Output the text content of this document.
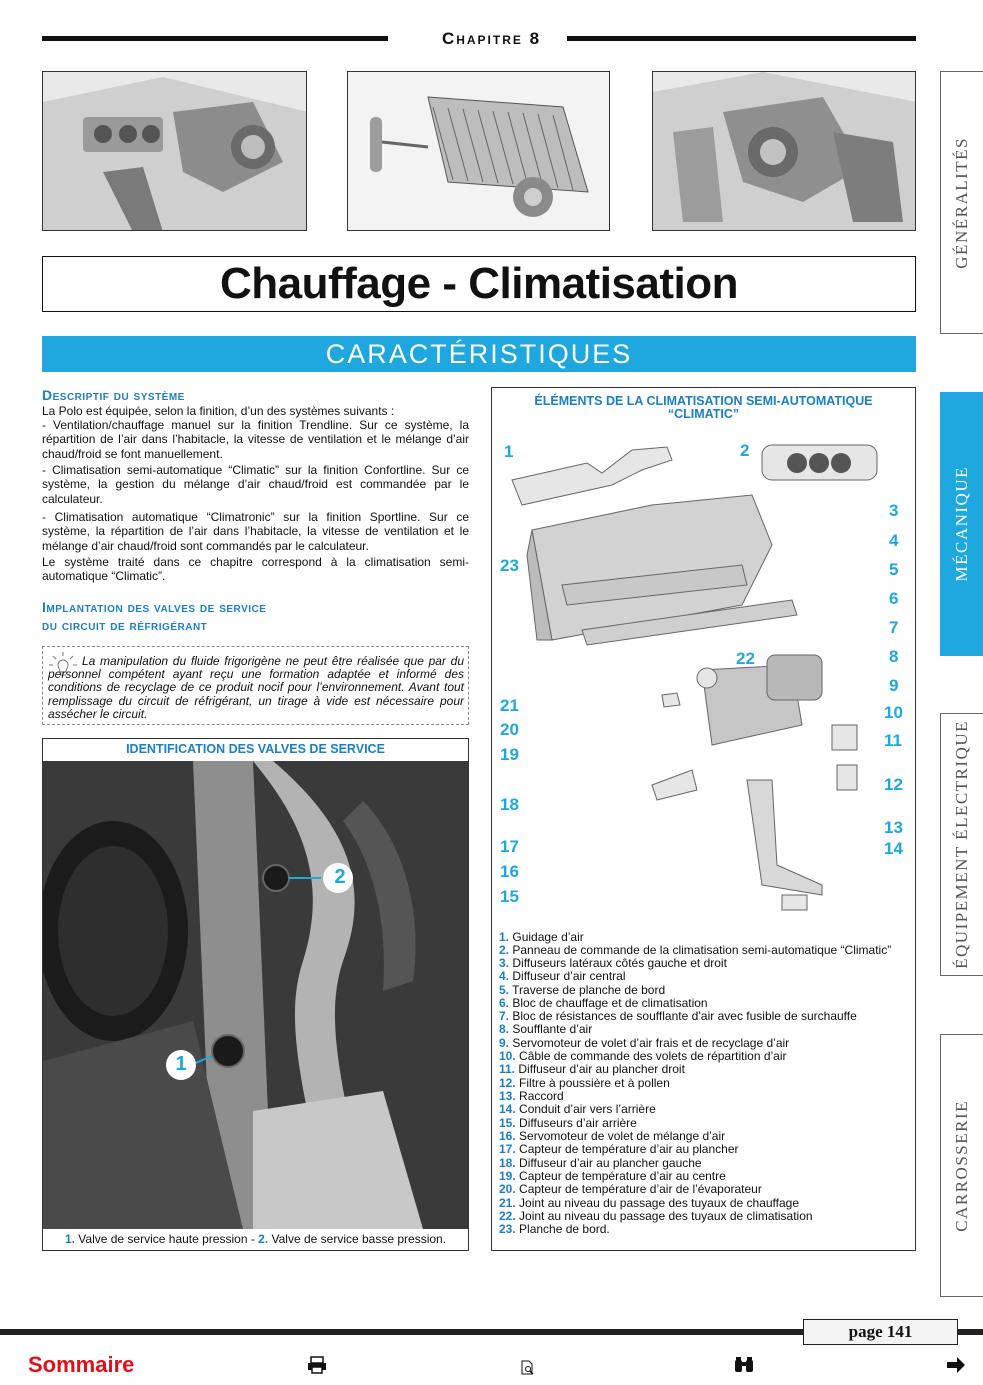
Chapitre 8
Chauffage - Climatisation
CARACTÉRISTIQUES
GÉNÉRALITÉS
MÉCANIQUE
ÉQUIPEMENT ÉLECTRIQUE
CARROSSERIE
Descriptif du système
La Polo est équipée, selon la finition, d’un des systèmes suivants :
- Ventilation/chauffage manuel sur la finition Trendline. Sur ce système, la répartition de l’air dans l’habitacle, la vitesse de ventilation et le mélange d’air chaud/froid se font manuellement.
- Climatisation semi-automatique “Climatic” sur la finition Confortline. Sur ce système, la gestion du mélange d’air chaud/froid est commandée par le calculateur.
- Climatisation automatique “Climatronic” sur la finition Sportline. Sur ce système, la répartition de l’air dans l’habitacle, la vitesse de ventilation et le mélange d’air chaud/froid sont commandés par le calculateur.
Le système traité dans ce chapitre correspond à la climatisation semi-automatique “Climatic”.
Implantation des valves de service
du circuit de réfrigérant
La manipulation du fluide frigorigène ne peut être réalisée que par du personnel compétent ayant reçu une formation adaptée et informé des conditions de recyclage de ce produit nocif pour l’environnement. Avant tout remplissage du circuit de réfrigérant, un tirage à vide est nécessaire pour assécher le circuit.
IDENTIFICATION DES VALVES DE SERVICE
2
1
1. Valve de service haute pression - 2. Valve de service basse pression.
ÉLÉMENTS DE LA CLIMATISATION SEMI-AUTOMATIQUE
“CLIMATIC”
1	2
3
4
5
6
7
8
9
10
11
12
13
14
15
16
17
18
19
20
21
22
23
1. Guidage d’air
2. Panneau de commande de la climatisation semi-automatique “Climatic”
3. Diffuseurs latéraux côtés gauche et droit
4. Diffuseur d’air central
5. Traverse de planche de bord
6. Bloc de chauffage et de climatisation
7. Bloc de résistances de soufflante d’air avec fusible de surchauffe
8. Soufflante d’air
9. Servomoteur de volet d’air frais et de recyclage d’air
10. Câble de commande des volets de répartition d’air
11. Diffuseur d’air au plancher droit
12. Filtre à poussière et à pollen
13. Raccord
14. Conduit d’air vers l’arrière
15. Diffuseurs d’air arrière
16. Servomoteur de volet de mélange d’air
17. Capteur de température d’air au plancher
18. Diffuseur d’air au plancher gauche
19. Capteur de température d’air au centre
20. Capteur de température d’air de l’évaporateur
21. Joint au niveau du passage des tuyaux de chauffage
22. Joint au niveau du passage des tuyaux de climatisation
23. Planche de bord.
page 141
Sommaire
